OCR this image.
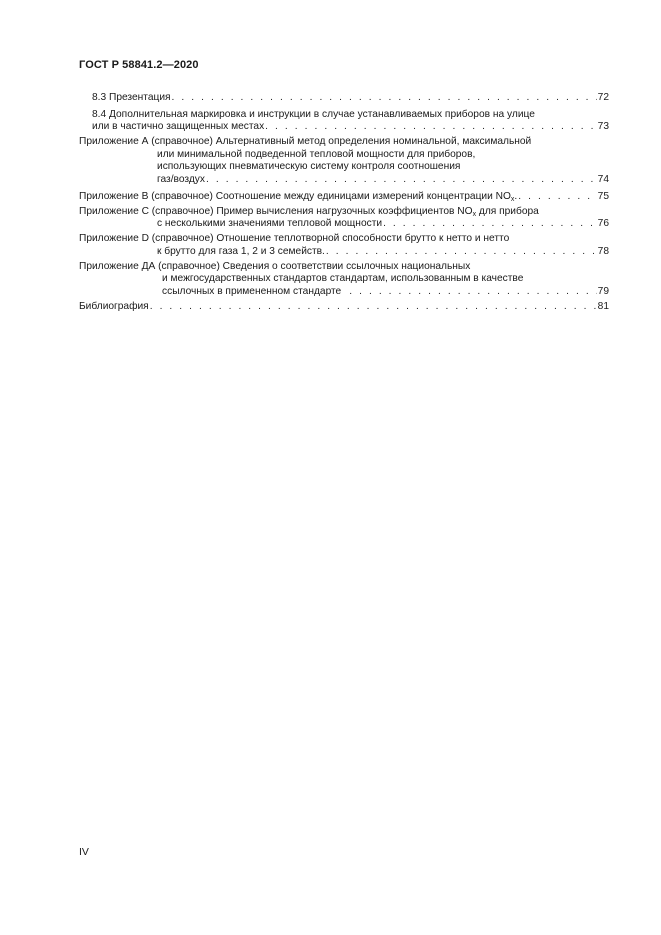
ГОСТ Р 58841.2—2020
8.3 Презентация . . .	72
8.4 Дополнительная маркировка и инструкции в случае устанавливаемых приборов на улице
или в частично защищенных местах . . .	73
Приложение А (справочное) Альтернативный метод определения номинальной, максимальной
или минимальной подведенной тепловой мощности для приборов,
использующих пневматическую систему контроля соотношения
газ/воздух . . .	74
Приложение В (справочное) Соотношение между единицами измерений концентрации $NO_x$. . . .	75
Приложение С (справочное) Пример вычисления нагрузочных коэффициентов $NO_x$ для прибора
с несколькими значениями тепловой мощности . . .	76
Приложение D (справочное) Отношение теплотворной способности брутто к нетто и нетто
к брутто для газа 1, 2 и 3 семейств. . . .	78
Приложение ДА (справочное) Сведения о соответствии ссылочных национальных
и межгосударственных стандартов стандартам, использованным в качестве
ссылочных в примененном стандарте . . .	79
Библиография . . .	81
IV
